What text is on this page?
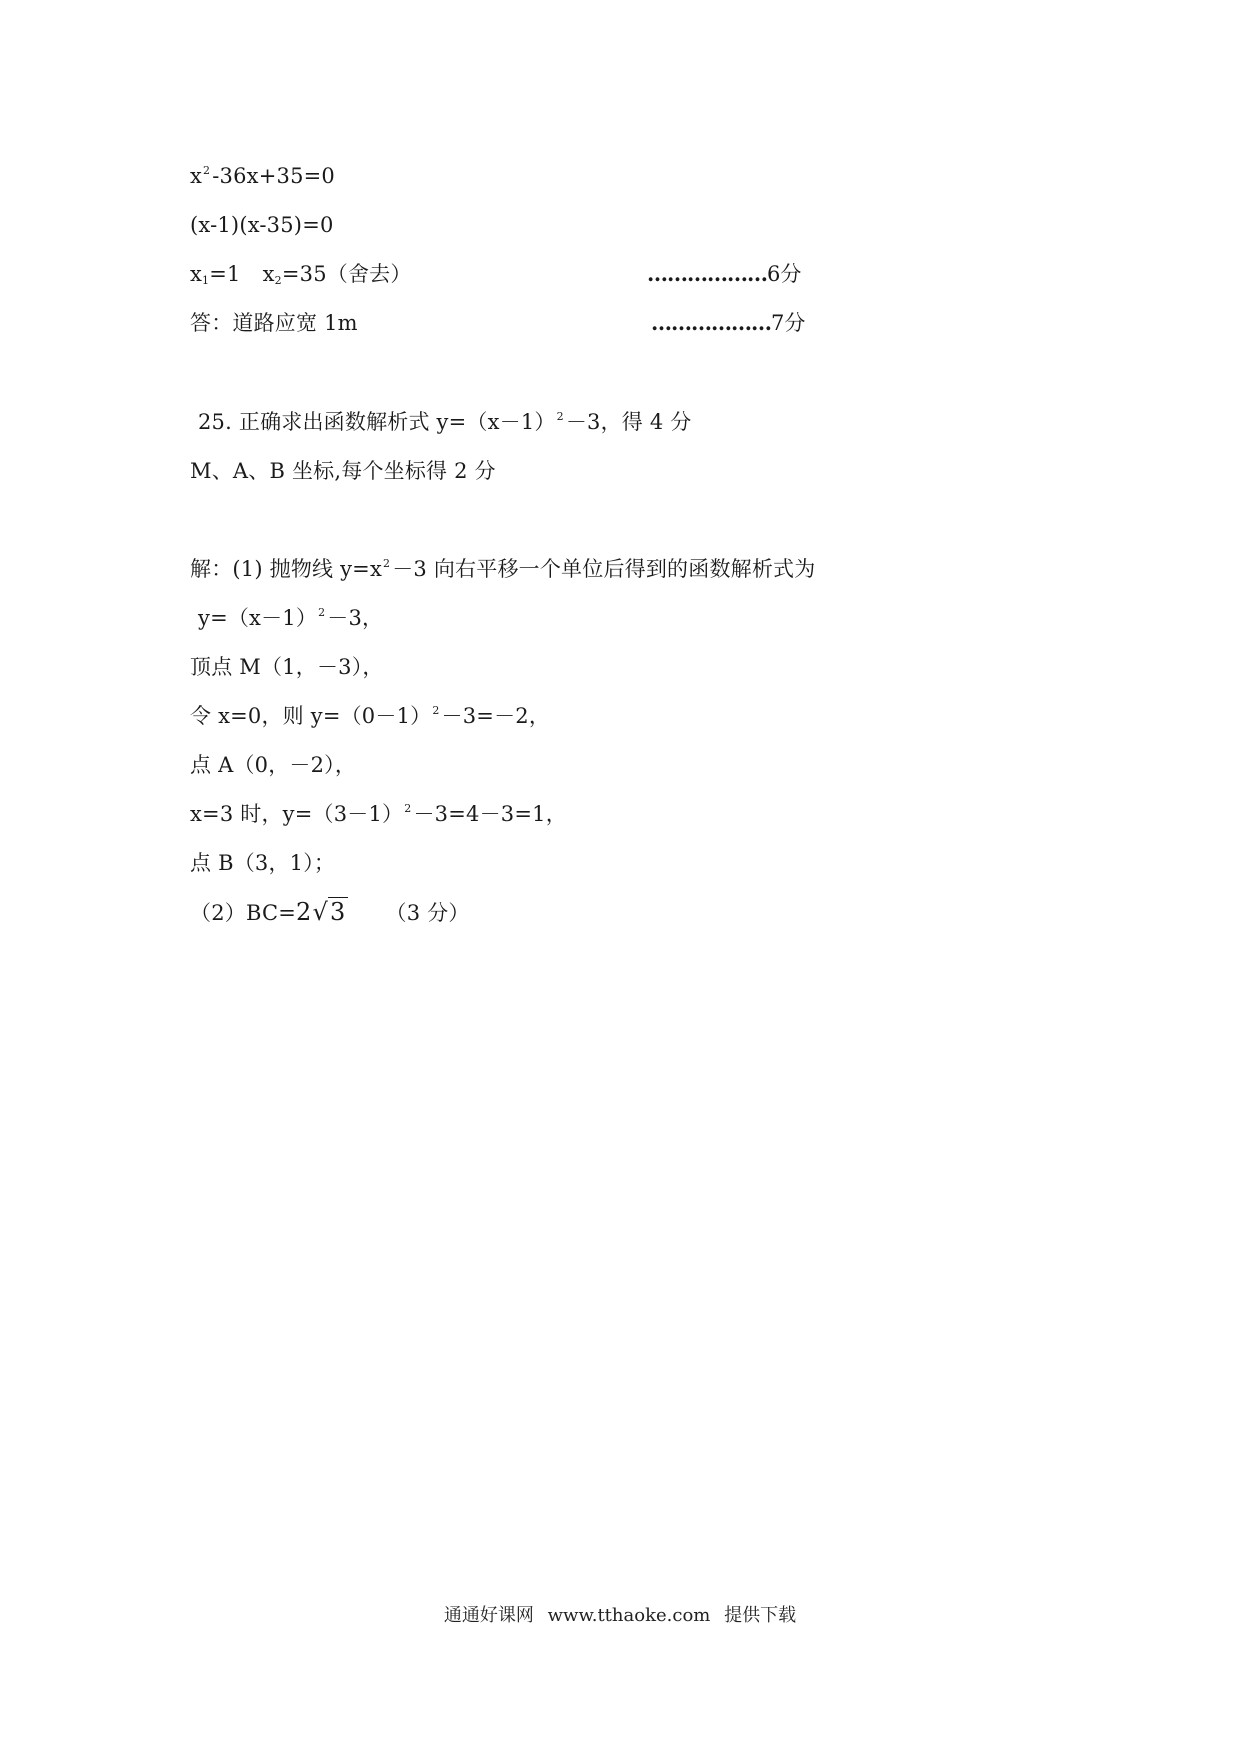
$x^2-36x+35=0$
(x-1)(x-35)=0
$x_1=1$ $x_2=35$（舍去）	………………6分
答：道路应宽 1m	………………7分
25. 正确求出函数解析式 $y=(x-1)^2-3$，得 4 分
M、A、B 坐标,每个坐标得 2 分
解：(1) 抛物线 $y=x^2-3$ 向右平移一个单位后得到的函数解析式为
$y=(x-1)^2-3$，
顶点 M（1，－3），
令 x=0，则 $y=(0-1)^2-3=-2$，
点 A（0，－2），
x=3 时，$y=(3-1)^2-3=4-3=1$，
点 B（3，1）；
（2）BC=2√3 （3 分）
通通好课网 www.tthaoke.com 提供下载
